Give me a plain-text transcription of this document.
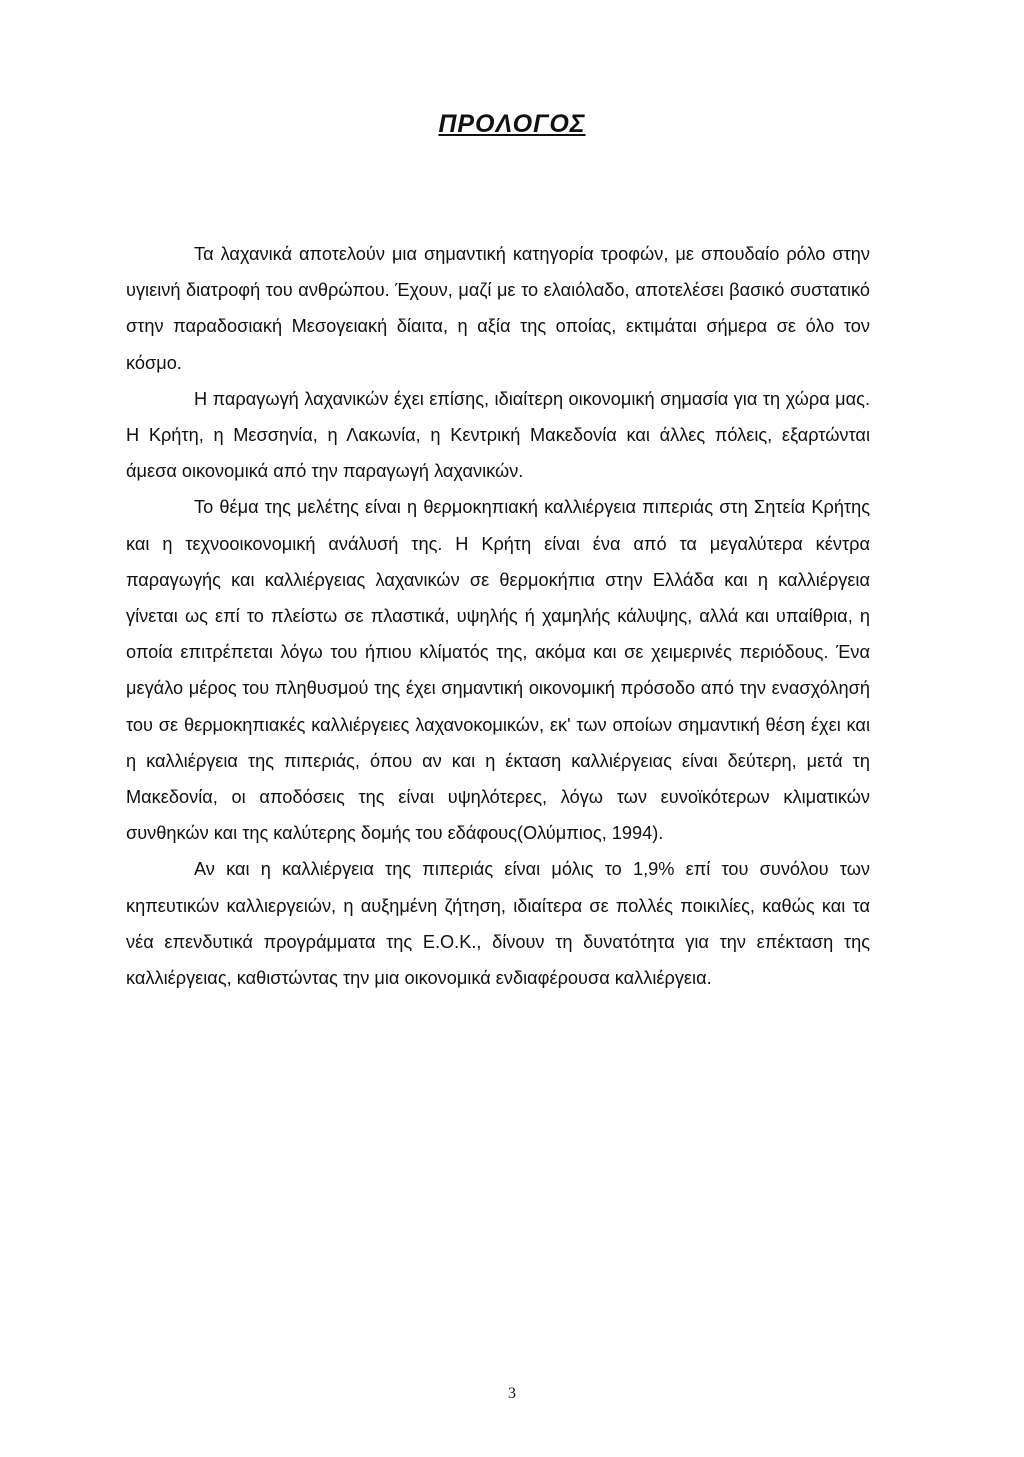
ΠΡΟΛΟΓΟΣ

Τα λαχανικά αποτελούν μια σημαντική κατηγορία τροφών, με σπουδαίο ρόλο στην υγιεινή διατροφή του ανθρώπου. Έχουν, μαζί με το ελαιόλαδο, αποτελέσει βασικό συστατικό στην παραδοσιακή Μεσογειακή δίαιτα, η αξία της οποίας, εκτιμάται σήμερα σε όλο τον κόσμο.

Η παραγωγή λαχανικών έχει επίσης, ιδιαίτερη οικονομική σημασία για τη χώρα μας. Η Κρήτη, η Μεσσηνία, η Λακωνία, η Κεντρική Μακεδονία και άλλες πόλεις, εξαρτώνται άμεσα οικονομικά από την παραγωγή λαχανικών.

Το θέμα της μελέτης είναι η θερμοκηπιακή καλλιέργεια πιπεριάς στη Σητεία Κρήτης και η τεχνοοικονομική ανάλυσή της. Η Κρήτη είναι ένα από τα μεγαλύτερα κέντρα παραγωγής και καλλιέργειας λαχανικών σε θερμοκήπια στην Ελλάδα και η καλλιέργεια γίνεται ως επί το πλείστω σε πλαστικά, υψηλής ή χαμηλής κάλυψης, αλλά και υπαίθρια, η οποία επιτρέπεται λόγω του ήπιου κλίματός της, ακόμα και σε χειμερινές περιόδους. Ένα μεγάλο μέρος του πληθυσμού της έχει σημαντική οικονομική πρόσοδο από την ενασχόλησή του σε θερμοκηπιακές καλλιέργειες λαχανοκομικών, εκ' των οποίων σημαντική θέση έχει και η καλλιέργεια της πιπεριάς, όπου αν και η έκταση καλλιέργειας είναι δεύτερη, μετά τη Μακεδονία, οι αποδόσεις της είναι υψηλότερες, λόγω των ευνοϊκότερων κλιματικών συνθηκών και της καλύτερης δομής του εδάφους(Ολύμπιος, 1994).

Αν και η καλλιέργεια της πιπεριάς είναι μόλις το 1,9% επί του συνόλου των κηπευτικών καλλιεργειών, η αυξημένη ζήτηση, ιδιαίτερα σε πολλές ποικιλίες, καθώς και τα νέα επενδυτικά προγράμματα της Ε.Ο.Κ., δίνουν τη δυνατότητα για την επέκταση της καλλιέργειας, καθιστώντας την μια οικονομικά ενδιαφέρουσα καλλιέργεια.

3
